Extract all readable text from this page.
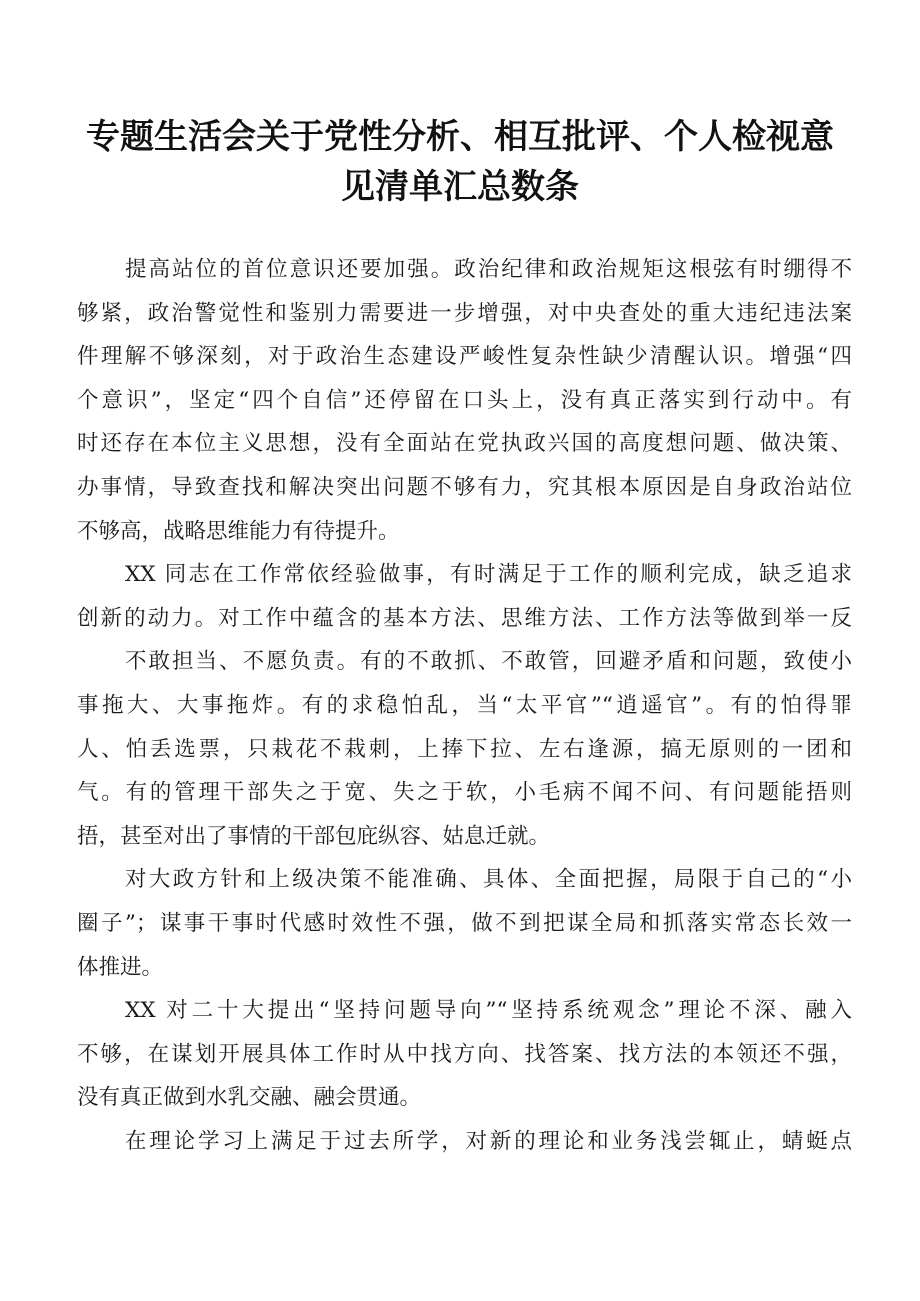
专题生活会关于党性分析、相互批评、个人检视意
见清单汇总数条
提高站位的首位意识还要加强。政治纪律和政治规矩这根弦有时绷得不
够紧，政治警觉性和鉴别力需要进一步增强，对中央查处的重大违纪违法案
件理解不够深刻，对于政治生态建设严峻性复杂性缺少清醒认识。增强“四
个意识”，坚定“四个自信”还停留在口头上，没有真正落实到行动中。有
时还存在本位主义思想，没有全面站在党执政兴国的高度想问题、做决策、
办事情，导致查找和解决突出问题不够有力，究其根本原因是自身政治站位
不够高，战略思维能力有待提升。
XX 同志在工作常依经验做事，有时满足于工作的顺利完成，缺乏追求
创新的动力。对工作中蕴含的基本方法、思维方法、工作方法等做到举一反
不敢担当、不愿负责。有的不敢抓、不敢管，回避矛盾和问题，致使小
事拖大、大事拖炸。有的求稳怕乱，当“太平官”“逍遥官”。有的怕得罪
人、怕丢选票，只栽花不栽刺，上捧下拉、左右逢源，搞无原则的一团和
气。有的管理干部失之于宽、失之于软，小毛病不闻不问、有问题能捂则
捂，甚至对出了事情的干部包庇纵容、姑息迁就。
对大政方针和上级决策不能准确、具体、全面把握，局限于自己的“小
圈子”；谋事干事时代感时效性不强，做不到把谋全局和抓落实常态长效一
体推进。
XX 对二十大提出“坚持问题导向”“坚持系统观念”理论不深、融入
不够，在谋划开展具体工作时从中找方向、找答案、找方法的本领还不强，
没有真正做到水乳交融、融会贯通。
在理论学习上满足于过去所学，对新的理论和业务浅尝辄止，蜻蜓点
